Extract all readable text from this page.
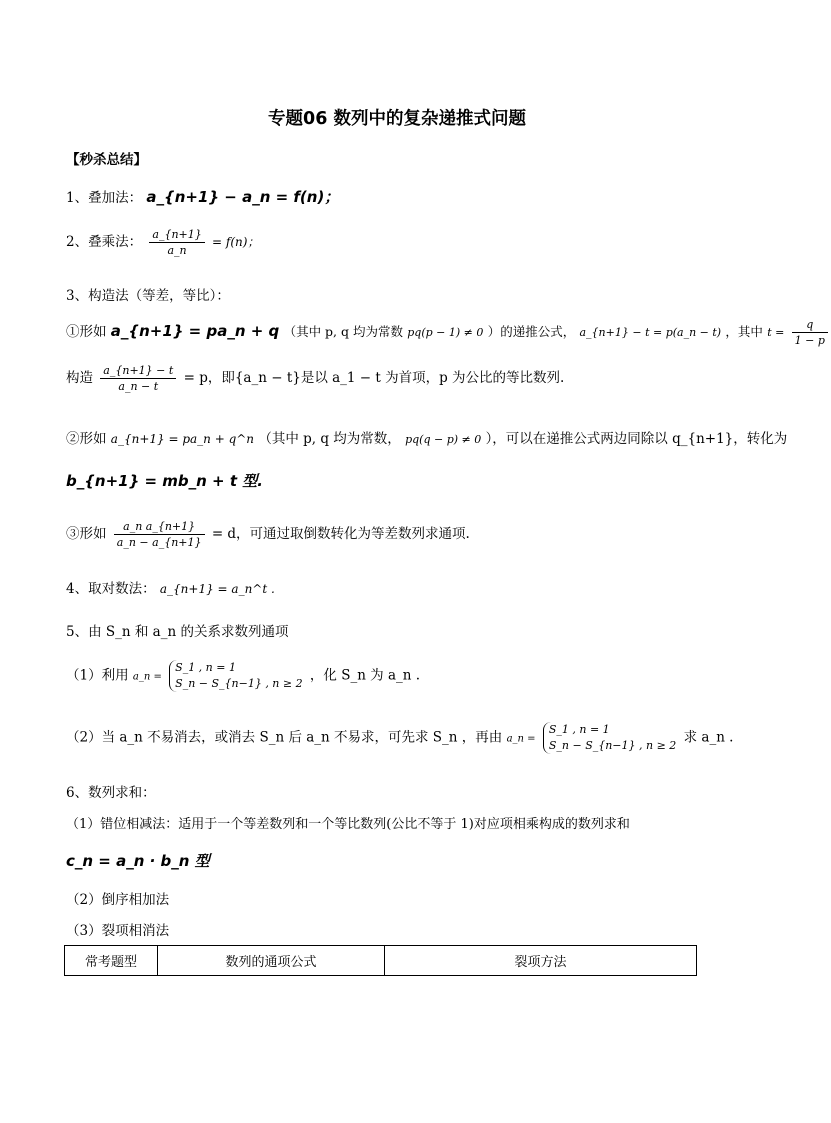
专题06 数列中的复杂递推式问题
【秒杀总结】
1、叠加法： a_{n+1} − a_n = f(n)；
2、叠乘法： $\frac{a\_\{n+1\}}{a\_n} = f(n)$；
3、构造法（等差，等比）：
①形如 a_{n+1} = pa_n + q （其中 p, q 均为常数 pq(p − 1) ≠ 0 ）的递推公式， a_{n+1} − t = p(a_n − t) ，其中 $t = \frac{q}{1 - p}$
构造 $\frac{a\_\{n+1\} - t}{a\_n - t} = p$，即{a_n − t}是以 a_1 − t 为首项，p 为公比的等比数列.
②形如 a_{n+1} = pa_n + q^n （其中 p, q 均为常数， pq(q − p) ≠ 0 ），可以在递推公式两边同除以 q_{n+1}，转化为
b_{n+1} = mb_n + t 型.
③形如 $\frac{\text{a\_n a\_\{n+1\}}}{a\_n - a\_\{n+1\}} = d$，可通过取倒数转化为等差数列求通项.
4、取对数法： a_{n+1} = a_n^t .
5、由 S_n 和 a_n 的关系求数列通项
（1）利用 a_n =
S_1 , n = 1
S_n − S_{n−1} , n ≥ 2 ，化 S_n 为 a_n .
（2）当 a_n 不易消去，或消去 S_n 后 a_n 不易求，可先求 S_n ，再由 a_n =
S_1 , n = 1
S_n − S_{n−1} , n ≥ 2 求 a_n .
6、数列求和：
（1）错位相减法：适用于一个等差数列和一个等比数列(公比不等于 1)对应项相乘构成的数列求和
c_n = a_n · b_n 型
（2）倒序相加法
（3）裂项相消法
常考题型	数列的通项公式	裂项方法
